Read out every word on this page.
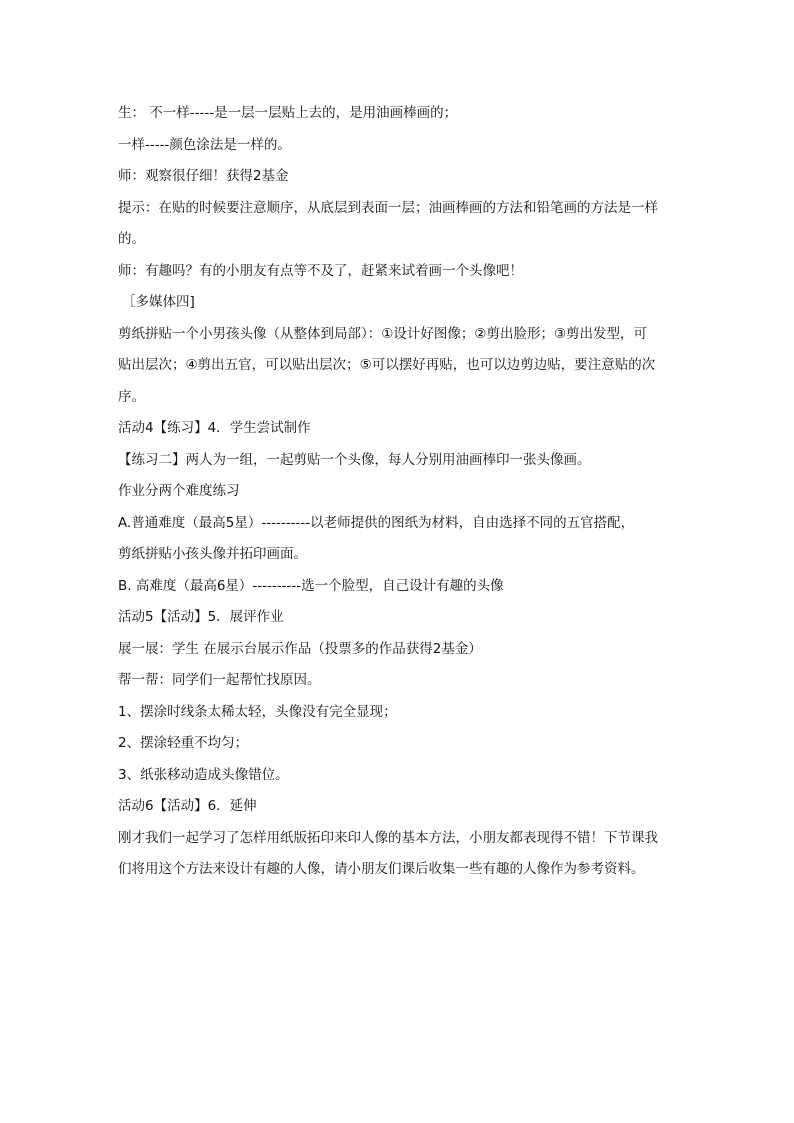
生： 不一样-----是一层一层贴上去的，是用油画棒画的；

一样-----颜色涂法是一样的。

师：观察很仔细！获得2基金

提示：在贴的时候要注意顺序，从底层到表面一层；油画棒画的方法和铅笔画的方法是一样

的。

师：有趣吗？有的小朋友有点等不及了，赶紧来试着画一个头像吧！

［多媒体四]

剪纸拼贴一个小男孩头像（从整体到局部）：①设计好图像；②剪出脸形；③剪出发型，可

贴出层次；④剪出五官，可以贴出层次；⑤可以摆好再贴，也可以边剪边贴，要注意贴的次

序。

活动4【练习】4．学生尝试制作

【练习二】两人为一组，一起剪贴一个头像，每人分别用油画棒印一张头像画。

作业分两个难度练习

A.普通难度（最高5星）----------以老师提供的图纸为材料，自由选择不同的五官搭配，

剪纸拼贴小孩头像并拓印画面。

B. 高难度（最高6星）----------选一个脸型，自己设计有趣的头像

活动5【活动】5．展评作业

展一展：学生 在展示台展示作品（投票多的作品获得2基金）

帮一帮：同学们一起帮忙找原因。

1、摆涂时线条太稀太轻，头像没有完全显现；

2、摆涂轻重不均匀；

3、纸张移动造成头像错位。

活动6【活动】6．延伸

刚才我们一起学习了怎样用纸版拓印来印人像的基本方法，小朋友都表现得不错！下节课我

们将用这个方法来设计有趣的人像，请小朋友们课后收集一些有趣的人像作为参考资料。
